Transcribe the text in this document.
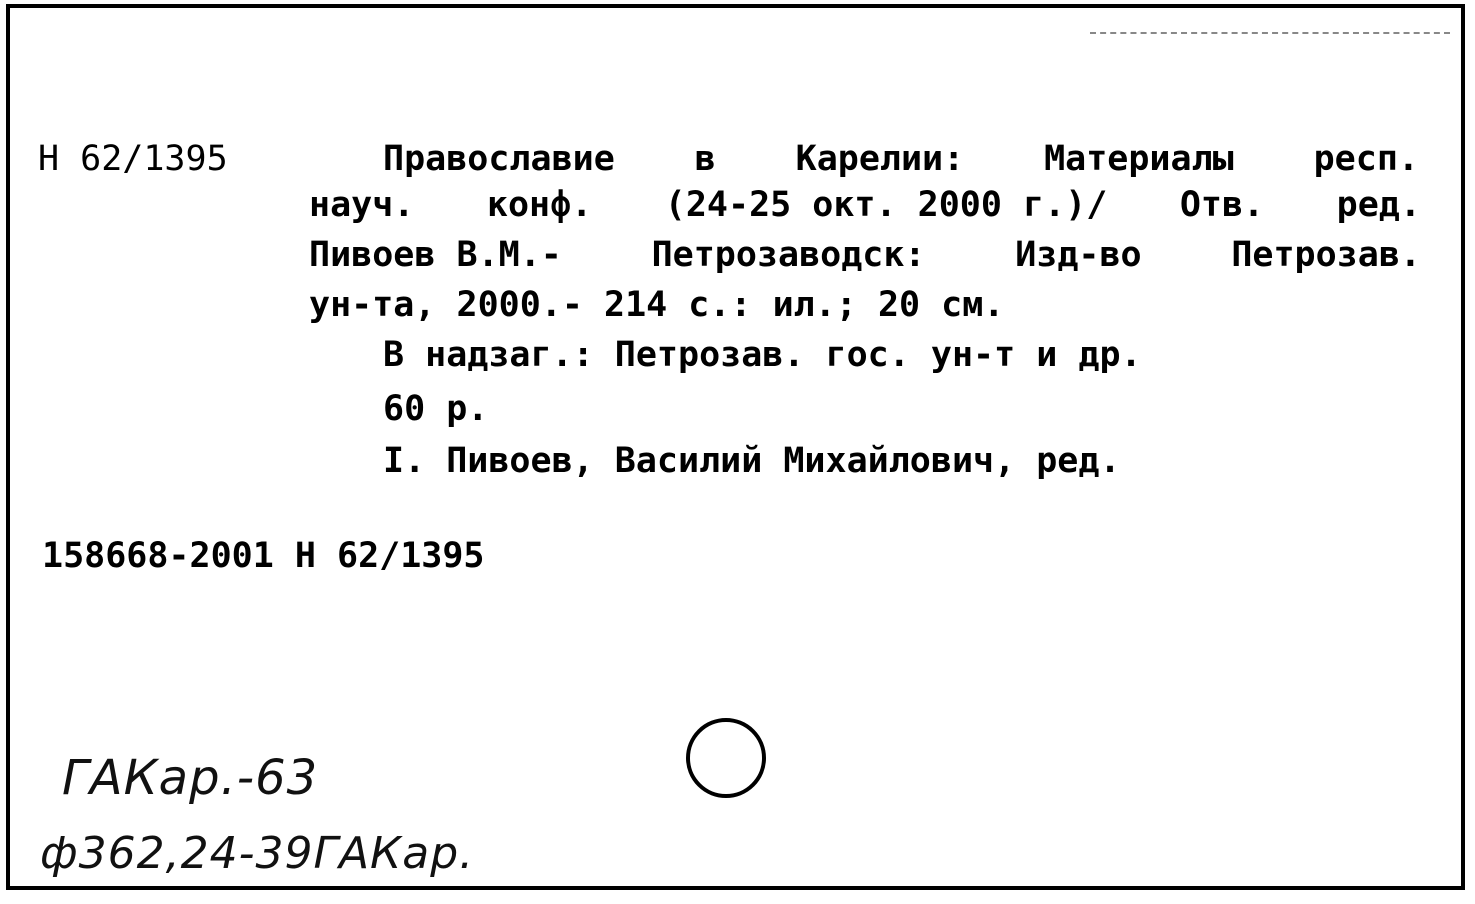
Н 62/1395	Православие в Карелии: Материалы респ.
науч. конф. (24-25 окт. 2000 г.)/ Отв. ред.
Пивоев В.М.-	Петрозаводск:	Изд-во	Петрозав.
ун-та, 2000.- 214 с.: ил.; 20 см.
В надзаг.: Петрозав. гос. ун-т и др.
60 р.
I. Пивоев, Василий Михайлович, ред.
158668-2001 Н 62/1395
ГАКар.-63
ф362,24-39ГАКар.
